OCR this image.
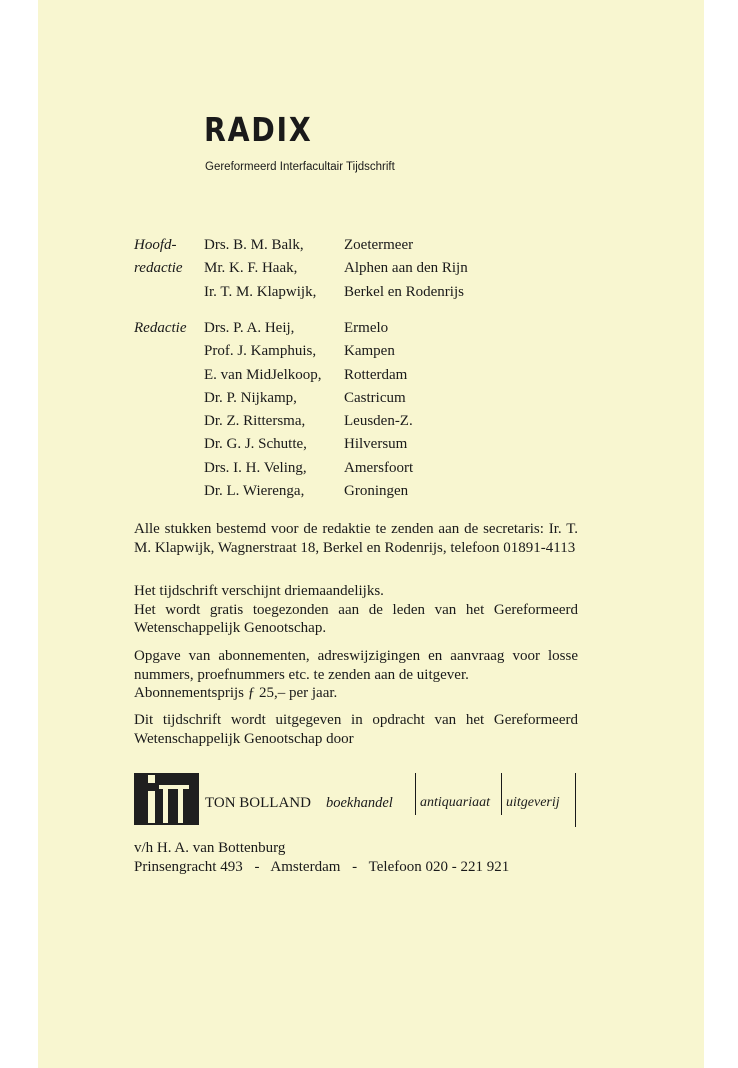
RADIX
Gereformeerd Interfacultair Tijdschrift
Hoofd- Drs. B. M. Balk,	Zoetermeer
redactie Mr. K. F. Haak,	Alphen aan den Rijn
Ir. T. M. Klapwijk, Berkel en Rodenrijs
Redactie Drs. P. A. Heij,	Ermelo
Prof. J. Kamphuis, Kampen
E. van MidJelkoop, Rotterdam
Dr. P. Nijkamp,	Castricum
Dr. Z. Rittersma,	Leusden-Z.
Dr. G. J. Schutte, Hilversum
Drs. I. H. Veling, Amersfoort
Dr. L. Wierenga,	Groningen

Alle stukken bestemd voor de redaktie te zenden aan de secretaris: Ir. T. M. Klapwijk, Wagnerstraat 18, Berkel en Rodenrijs, telefoon 01891-4113

Het tijdschrift verschijnt driemaandelijks.
Het wordt gratis toegezonden aan de leden van het Gereformeerd Wetenschappelijk Genootschap.
Opgave van abonnementen, adreswijzigingen en aanvraag voor losse nummers, proefnummers etc. te zenden aan de uitgever.
Abonnementsprijs ƒ 25,– per jaar.

Dit tijdschrift wordt uitgegeven in opdracht van het Gereformeerd Wetenschappelijk Genootschap door

TON BOLLAND boekhandel antiquariaat uitgeverij
v/h H. A. van Bottenburg
Prinsengracht 493 - Amsterdam - Telefoon 020 - 221 921
